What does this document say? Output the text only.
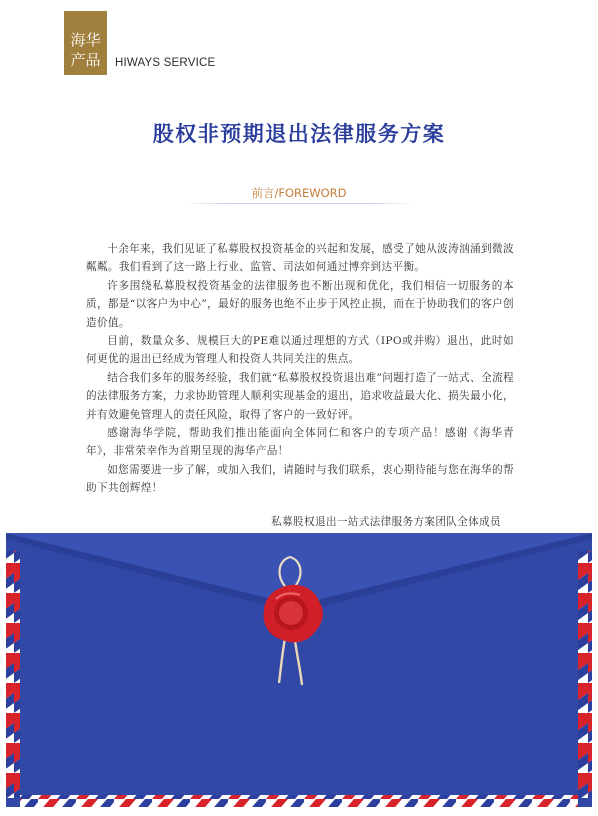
海华
产品 HIWAYS SERVICE
股权非预期退出法律服务方案
前言/FOREWORD

十余年来，我们见证了私募股权投资基金的兴起和发展，感受了她从波涛汹涌到微波粼粼。我们看到了这一路上行业、监管、司法如何通过博弈到达平衡。

许多围绕私募股权投资基金的法律服务也不断出现和优化，我们相信一切服务的本质，都是“以客户为中心”，最好的服务也绝不止步于风控止损，而在于协助我们的客户创造价值。

目前，数量众多、规模巨大的PE难以通过理想的方式（IPO或并购）退出，此时如何更优的退出已经成为管理人和投资人共同关注的焦点。

结合我们多年的服务经验，我们就“私募股权投资退出难”问题打造了一站式、全流程的法律服务方案，力求协助管理人顺利实现基金的退出，追求收益最大化、损失最小化，并有效避免管理人的责任风险，取得了客户的一致好评。

感谢海华学院，帮助我们推出能面向全体同仁和客户的专项产品！感谢《海华青年》，非常荣幸作为首期呈现的海华产品！

如您需要进一步了解，或加入我们，请随时与我们联系，衷心期待能与您在海华的帮助下共创辉煌！

私募股权退出一站式法律服务方案团队全体成员
